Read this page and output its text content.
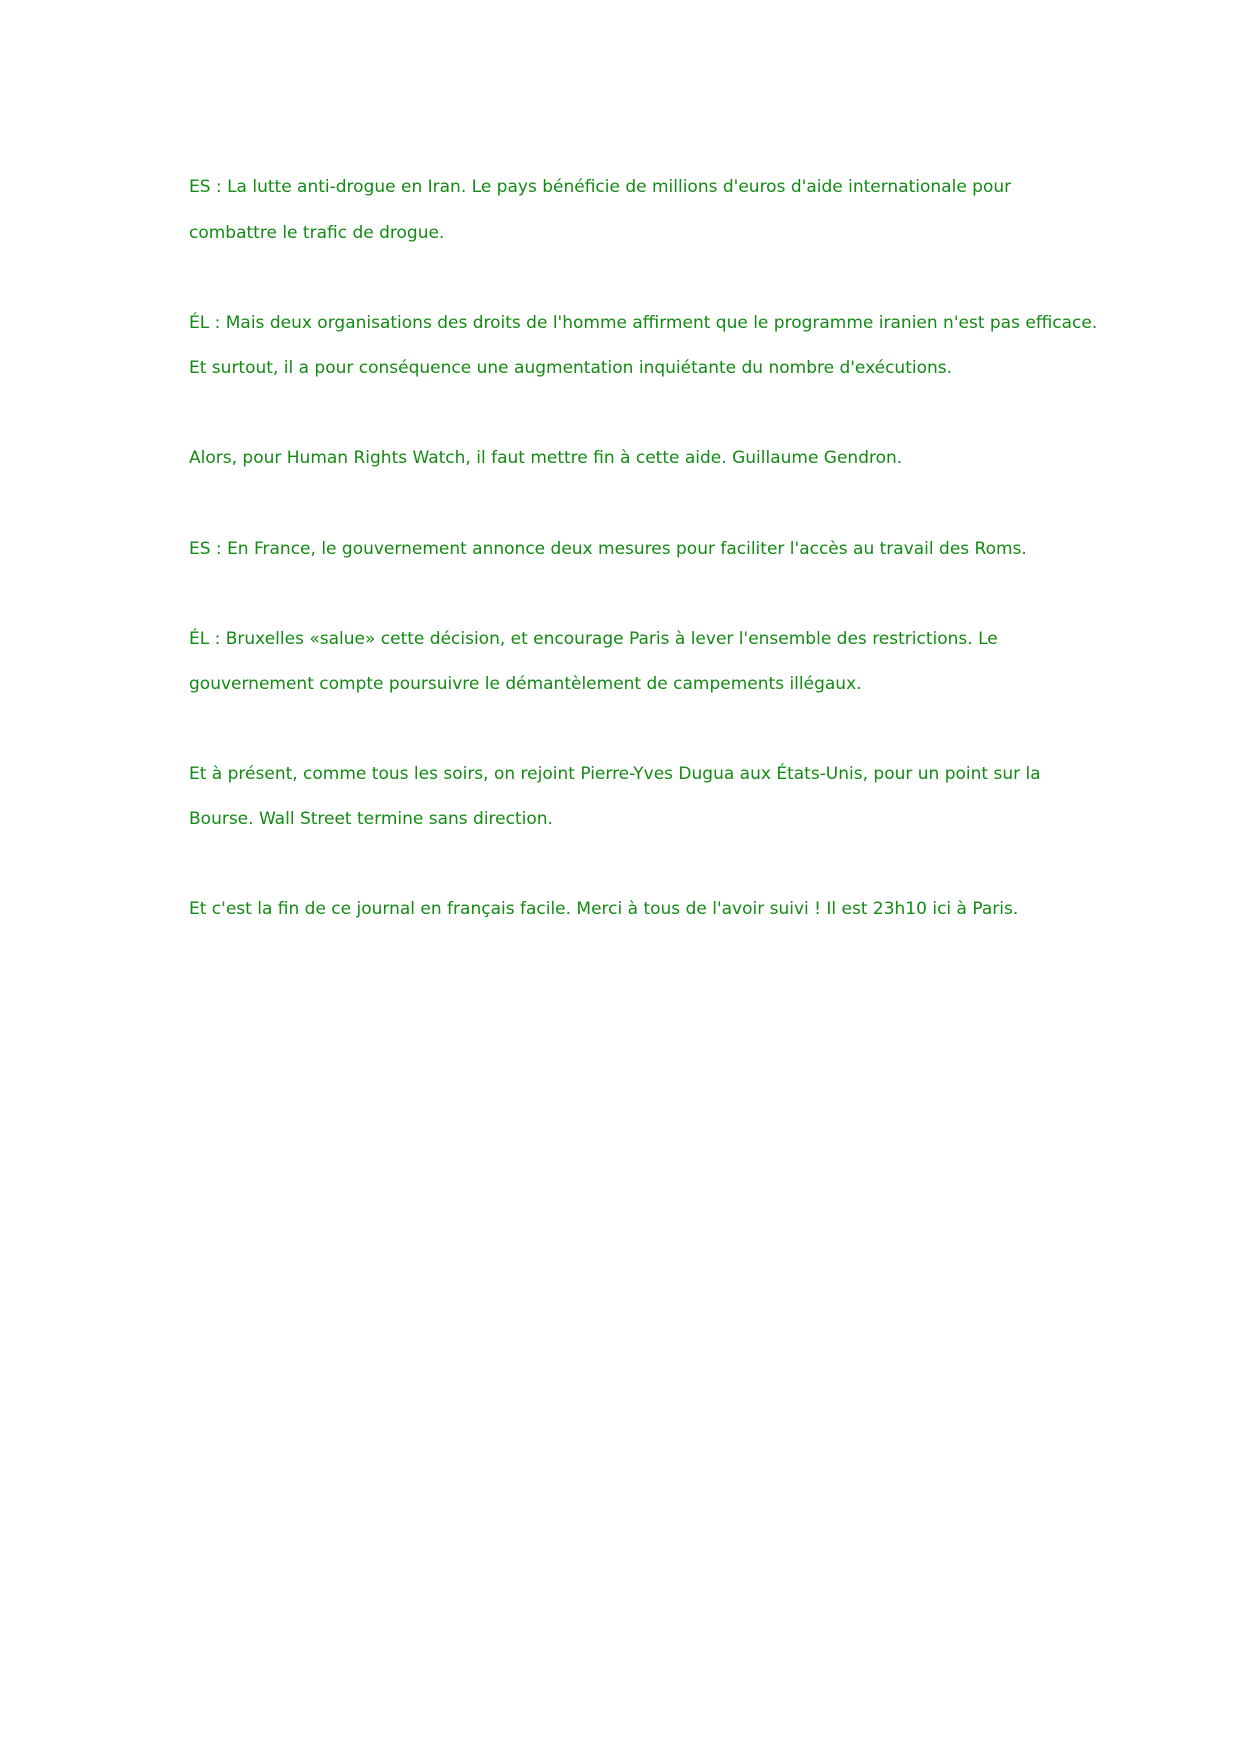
ES : La lutte anti-drogue en Iran. Le pays bénéficie de millions d'euros d'aide internationale pour

combattre le trafic de drogue.

ÉL : Mais deux organisations des droits de l'homme affirment que le programme iranien n'est pas efficace.

Et surtout, il a pour conséquence une augmentation inquiétante du nombre d'exécutions.

Alors, pour Human Rights Watch, il faut mettre fin à cette aide. Guillaume Gendron.

ES : En France, le gouvernement annonce deux mesures pour faciliter l'accès au travail des Roms.

ÉL : Bruxelles «salue» cette décision, et encourage Paris à lever l'ensemble des restrictions. Le

gouvernement compte poursuivre le démantèlement de campements illégaux.

Et à présent, comme tous les soirs, on rejoint Pierre-Yves Dugua aux États-Unis, pour un point sur la

Bourse. Wall Street termine sans direction.

Et c'est la fin de ce journal en français facile. Merci à tous de l'avoir suivi ! Il est 23h10 ici à Paris.
